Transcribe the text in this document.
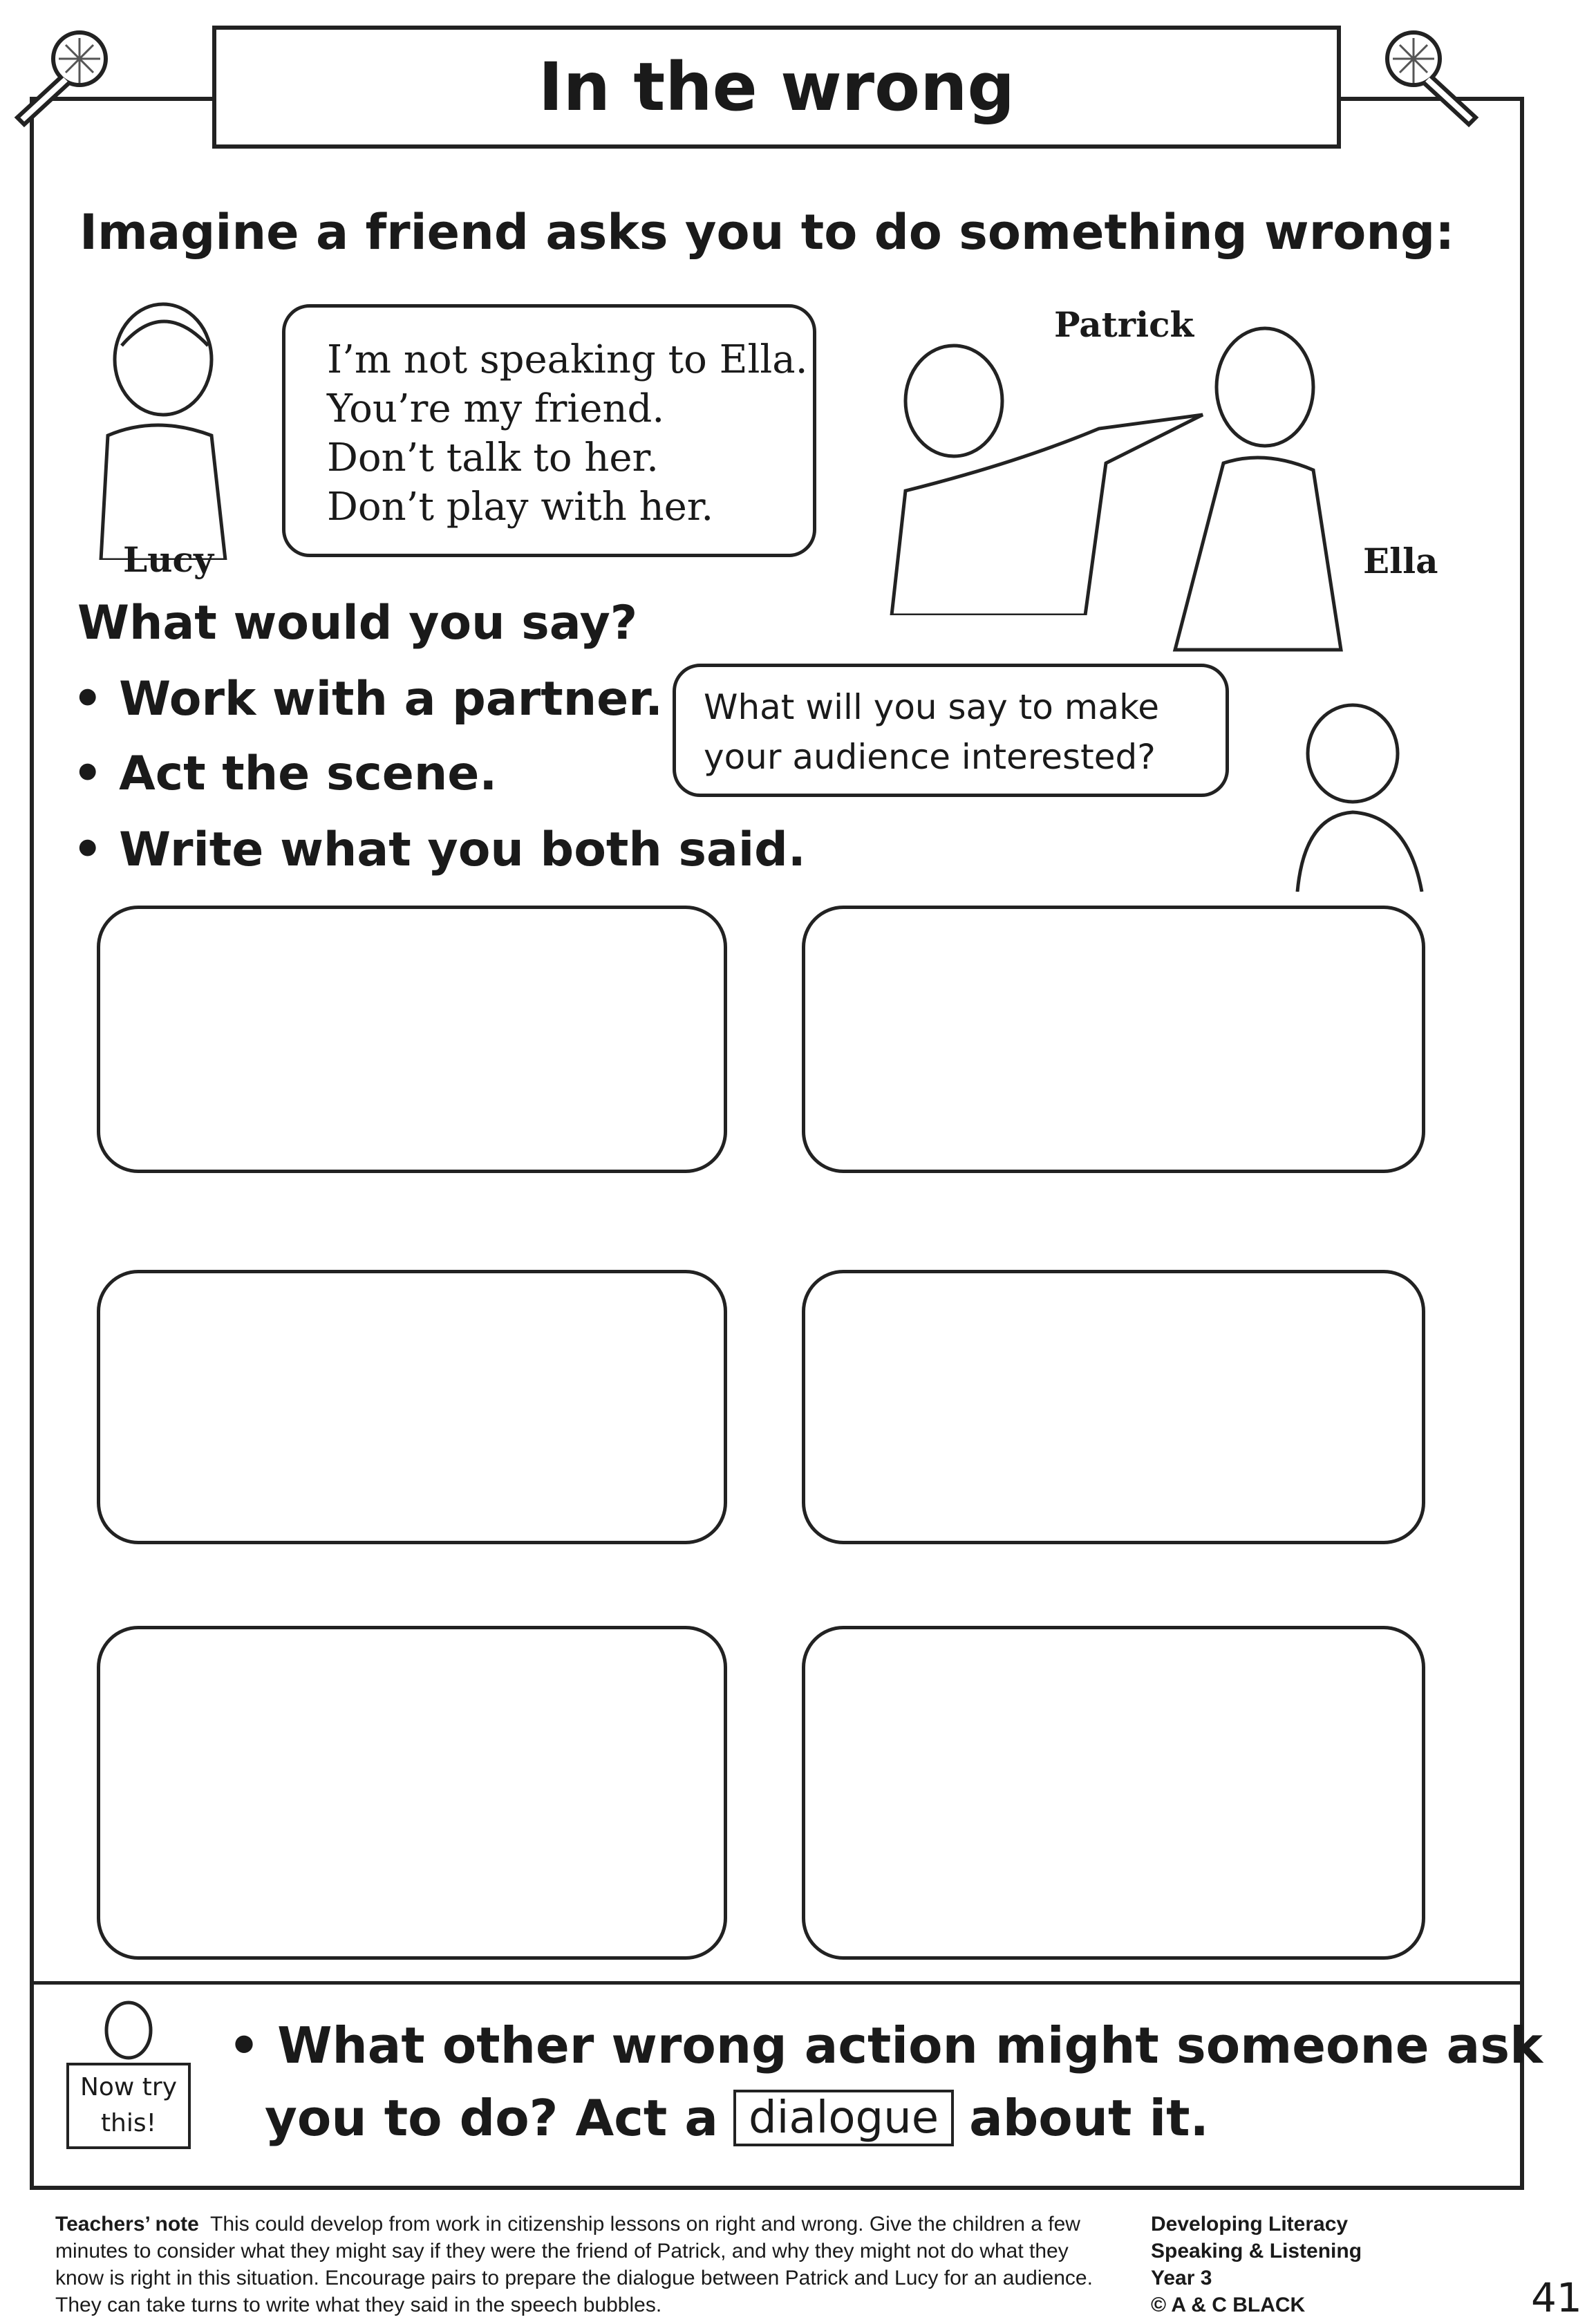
In the wrong
Imagine a friend asks you to do something wrong:
Lucy
I’m not speaking to Ella.
You’re my friend.
Don’t talk to her.
Don’t play with her.
Patrick
Ella
What would you say?
• Work with a partner.
• Act the scene.
• Write what you both said.
What will you say to make
your audience interested?
Now try
this!
• What other wrong action might someone ask
you to do? Act a dialogue about it.
Teachers’ note This could develop from work in citizenship lessons on right and wrong. Give the children a few minutes to consider what they might say if they were the friend of Patrick, and why they might not do what they know is right in this situation. Encourage pairs to prepare the dialogue between Patrick and Lucy for an audience. They can take turns to write what they said in the speech bubbles.
Developing Literacy
Speaking & Listening
Year 3
© A & C BLACK	41
